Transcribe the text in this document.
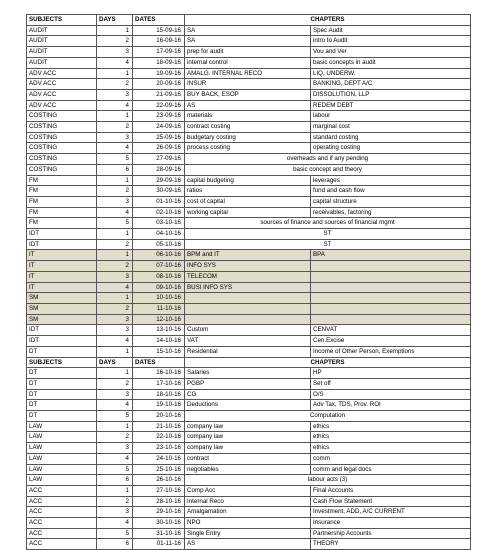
SUBJECTS	DAYS	DATES	CHAPTERS	
AUDIT	1	15-09-16	SA	Spec Audit
AUDIT	2	16-09-16	SA	intro to Audit
AUDIT	3	17-09-16	prep for audit	Vou and Ver
AUDIT	4	18-09-16	internal control	basic concepts in audit
ADV ACC	1	19-09-16	AMALG. INTERNAL RECO	LIQ, UNDERW.
ADV ACC	2	20-09-16	INSUR	BANKING, DEPT A/C
ADV ACC	3	21-09-16	BUY BACK, ESOP	DISSOLUTION, LLP
ADV ACC	4	22-09-16	AS	REDEM DEBT
COSTING	1	23-09-16	materials	labour
COSTING	2	24-09-16	contract costing	marginal cost
COSTING	3	25-09-16	budgetary costing	standard costing
COSTING	4	26-09-16	process costing	operating costing
COSTING	5	27-09-16	overheads and if any pending	
COSTING	6	28-09-16	basic concept and theory	
FM	1	29-09-16	capital budgeting	leverages
FM	2	30-09-16	ratios	fund and cash flow
FM	3	01-10-16	cost of capital	capital structure
FM	4	02-10-16	working capital	receivables, factoring
FM	5	03-10-16	sources of finance and sources of financial mgmt	
IDT	1	04-10-16	ST	
IDT	2	05-10-16	ST	
IT	1	06-10-16	BPM and IT	BPA
IT	2	07-10-16	INFO SYS	
IT	3	08-10-16	TELECOM	
IT	4	09-10-16	BUSI INFO SYS	
SM	1	10-10-16		
SM	2	11-10-16		
SM	3	12-10-16		
IDT	3	13-10-16	Custom	CENVAT
IDT	4	14-10-16	VAT	Cen.Excise
DT	1	15-10-16	Residential	Income of Other Person, Exemptions
SUBJECTS	DAYS	DATES	CHAPTERS	
DT	1	16-10-16	Salaries	HP
DT	2	17-10-16	PGBP	Set off
DT	3	18-10-16	CG	O/S
DT	4	19-10-16	Deductions	Adv Tax, TDS, Prov. ROI
DT	5	20-10-16	Computation	
LAW	1	21-10-16	company law	ethics
LAW	2	22-10-16	company law	ethics
LAW	3	23-10-16	company law	ethics
LAW	4	24-10-16	contract	comm
LAW	5	25-10-16	negotiables	comm and legal docs
LAW	6	26-10-16	labour acts (3)	
ACC	1	27-10-16	Comp Acc	Final Accounts
ACC	2	28-10-16	Internal Reco	Cash Flow Statement
ACC	3	29-10-16	Amalgamation	Investment, ADD, A/C CURRENT
ACC	4	30-10-16	NPO	Insurance
ACC	5	31-10-16	Single Entry	Partnership Accounts
ACC	6	01-11-16	AS	THEORY
